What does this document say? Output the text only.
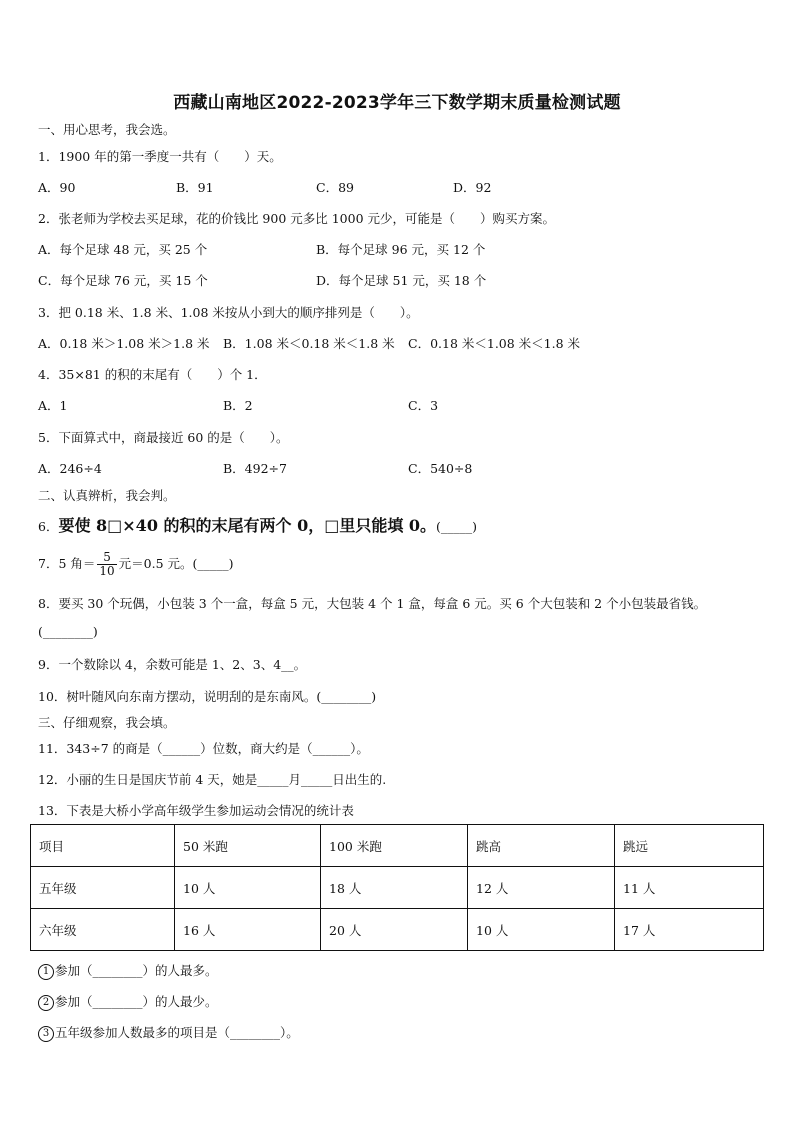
西藏山南地区2022-2023学年三下数学期末质量检测试题
一、用心思考，我会选。
1．1900 年的第一季度一共有（　　）天。
A．90	B．91	C．89	D．92
2．张老师为学校去买足球，花的价钱比 900 元多比 1000 元少，可能是（　　）购买方案。
A．每个足球 48 元，买 25 个	B．每个足球 96 元，买 12 个
C．每个足球 76 元，买 15 个	D．每个足球 51 元，买 18 个
3．把 0.18 米、1.8 米、1.08 米按从小到大的顺序排列是（　　）。
A．0.18 米＞1.08 米＞1.8 米 B．1.08 米＜0.18 米＜1.8 米 C．0.18 米＜1.08 米＜1.8 米
4．35×81 的积的末尾有（　　）个 1．
A．1	B．2	C．3
5．下面算式中，商最接近 60 的是（　　）。
A．246÷4	B．492÷7	C．540÷8
二、认真辨析，我会判。
6．要使 8□×40 的积的末尾有两个 0，□里只能填 0。(_____)
7．5 角＝ $\frac{5}{10}$ 元＝0.5 元。(_____)
8．要买 30 个玩偶，小包装 3 个一盒，每盒 5 元，大包装 4 个 1 盒，每盒 6 元。买 6 个大包装和 2 个小包装最省钱。
(________)
9．一个数除以 4，余数可能是 1、2、3、4__。
10．树叶随风向东南方摆动，说明刮的是东南风。(________)
三、仔细观察，我会填。
11．343÷7 的商是（______）位数，商大约是（______）。
12．小丽的生日是国庆节前 4 天，她是_____月_____日出生的.
13．下表是大桥小学高年级学生参加运动会情况的统计表
项目	50 米跑	100 米跑	跳高	跳远
五年级	10 人	18 人	12 人	11 人
六年级	16 人	20 人	10 人	17 人
1 参加（________）的人最多。
2 参加（________）的人最少。
3 五年级参加人数最多的项目是（________）。
